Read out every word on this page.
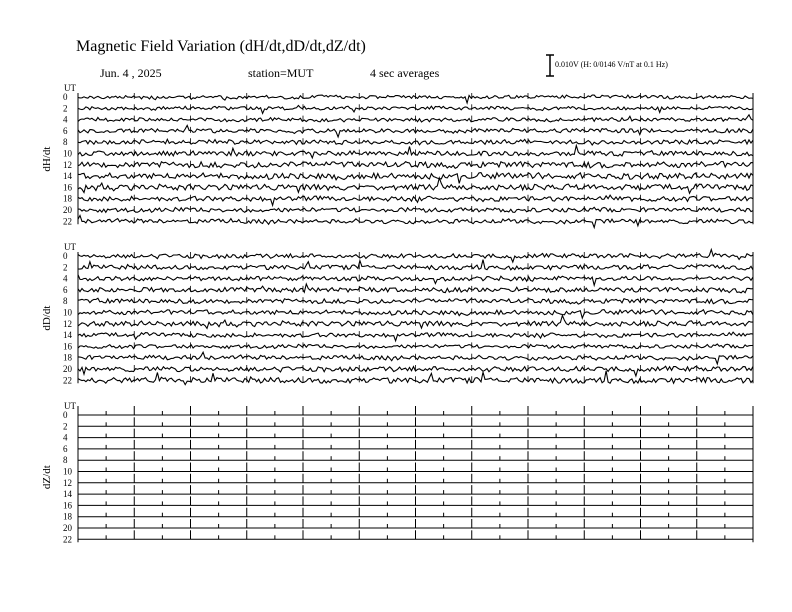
Magnetic Field Variation (dH/dt,dD/dt,dZ/dt)
Jun. 4 , 2025	station=MUT	4 sec averages
0.010V (H: 0/0146 V/nT at 0.1 Hz)
UT
dH/dt
0
2
4
6
8
10
12
14
16
18
20
22
UT
dD/dt
0
2
4
6
8
10
12
14
16
18
20
22
UT
dZ/dt
0
2
4
6
8
10
12
14
16
18
20
22
